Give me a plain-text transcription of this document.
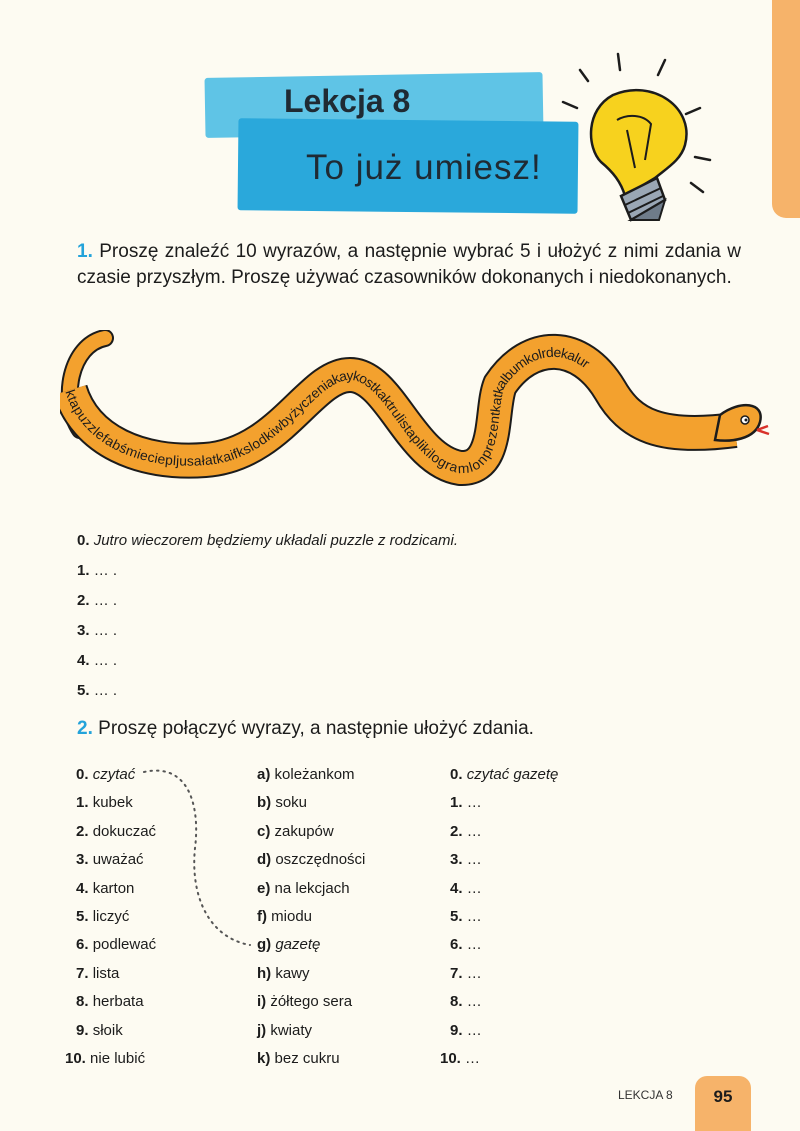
Lekcja 8
To już umiesz!
1. Proszę znaleźć 10 wyrazów, a następnie wybrać 5 i ułożyć z nimi zdania w czasie przyszłym. Proszę używać czasowników dokonanych i niedokonanych.
ktapuzzlefabśmieciepljusałatkaifkslodkiwbyżyczeniakaykostkaktrulistaplikilogramlonprezentkatkalbumkolrdekalur
0. Jutro wieczorem będziemy układali puzzle z rodzicami.
1. … .
2. … .
3. … .
4. … .
5. … .
2. Proszę połączyć wyrazy, a następnie ułożyć zdania.
0. czytać
1. kubek
2. dokuczać
3. uważać
4. karton
5. liczyć
6. podlewać
7. lista
8. herbata
9. słoik
10. nie lubić
a) koleżankom
b) soku
c) zakupów
d) oszczędności
e) na lekcjach
f) miodu
g) gazetę
h) kawy
i) żółtego sera
j) kwiaty
k) bez cukru
0. czytać gazetę
1. …
2. …
3. …
4. …
5. …
6. …
7. …
8. …
9. …
10. …
LEKCJA 8	95
